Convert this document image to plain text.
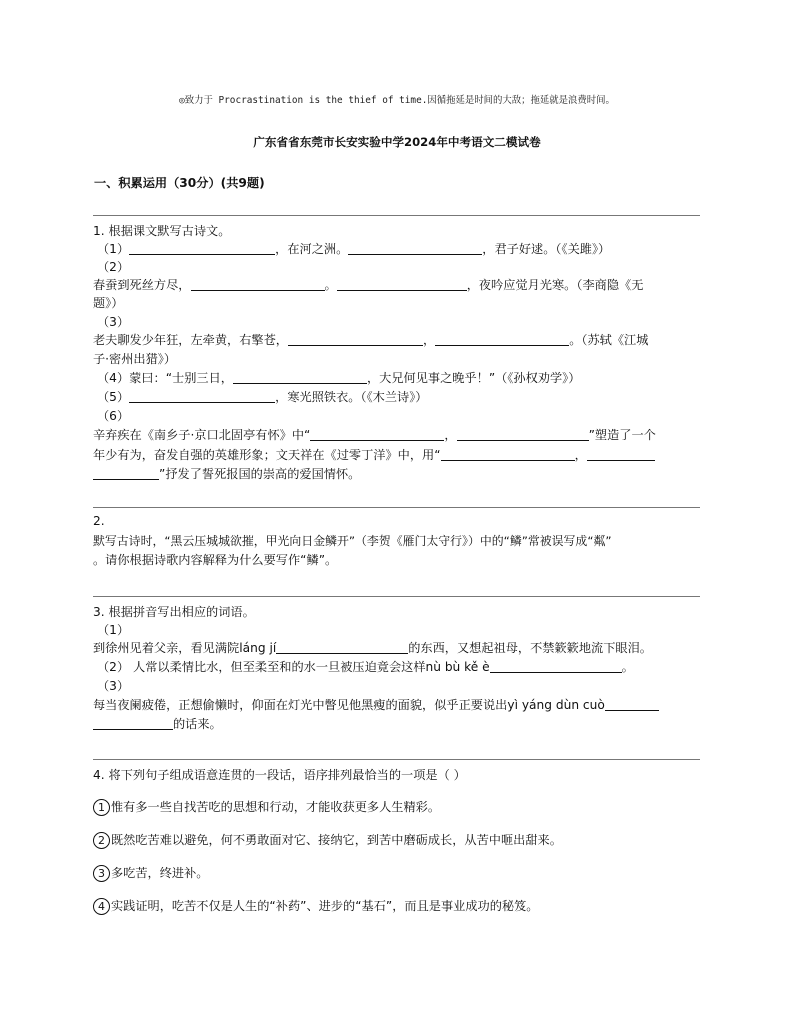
◎致力于 Procrastination is the thief of time.因循拖延是时间的大敌；拖延就是浪费时间。
广东省省东莞市长安实验中学2024年中考语文二模试卷
一、积累运用（30分）(共9题)
1. 根据课文默写古诗文。
（1）	，在河之洲。	，君子好逑。（《关雎》）
（2）
春蚕到死丝方尽，	。	，夜吟应觉月光寒。（李商隐《无
题》）
（3）
老夫聊发少年狂，左牵黄，右擎苍，	，	。（苏轼《江城
子·密州出猎》）
（4）蒙曰：“士别三日，	，大兄何见事之晚乎！”（《孙权劝学》）
（5）	，寒光照铁衣。（《木兰诗》）
（6）
辛弃疾在《南乡子·京口北固亭有怀》中“	，	”塑造了一个
年少有为，奋发自强的英雄形象；文天祥在《过零丁洋》中，用“	，
”抒发了誓死报国的崇高的爱国情怀。
2.
默写古诗时，“黑云压城城欲摧，甲光向日金鳞开”（李贺《雁门太守行》）中的“鳞”常被误写成“粼”
。请你根据诗歌内容解释为什么要写作“鳞”。
3. 根据拼音写出相应的词语。
（1）
到徐州见着父亲，看见满院láng jí	的东西，又想起祖母，不禁簌簌地流下眼泪。
（2） 人常以柔情比水，但至柔至和的水一旦被压迫竟会这样nù bù kě è	。
（3）
每当夜阑疲倦，正想偷懒时，仰面在灯光中瞥见他黑瘦的面貌，似乎正要说出yì yáng dùn cuò
的话来。
4. 将下列句子组成语意连贯的一段话，语序排列最恰当的一项是（ ）
1 惟有多一些自找苦吃的思想和行动，才能收获更多人生精彩。
2 既然吃苦难以避免，何不勇敢面对它、接纳它，到苦中磨砺成长，从苦中咂出甜来。
3 多吃苦，终进补。
4 实践证明，吃苦不仅是人生的“补药”、进步的“基石”，而且是事业成功的秘笈。
